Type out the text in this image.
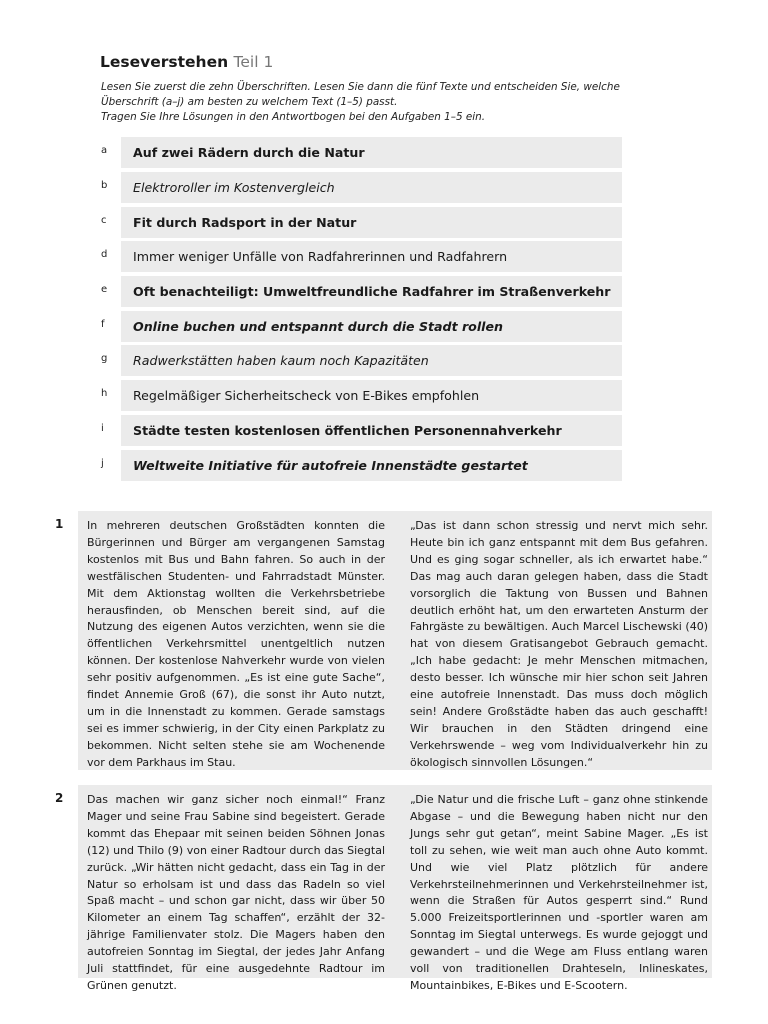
Leseverstehen Teil 1
Lesen Sie zuerst die zehn Überschriften. Lesen Sie dann die fünf Texte und entscheiden Sie, welche
Überschrift (a–j) am besten zu welchem Text (1–5) passt.
Tragen Sie Ihre Lösungen in den Antwortbogen bei den Aufgaben 1–5 ein.
a	Auf zwei Rädern durch die Natur
b	Elektroroller im Kostenvergleich
c	Fit durch Radsport in der Natur
d	Immer weniger Unfälle von Radfahrerinnen und Radfahrern
e	Oft benachteiligt: Umweltfreundliche Radfahrer im Straßenverkehr
f	Online buchen und entspannt durch die Stadt rollen
g	Radwerkstätten haben kaum noch Kapazitäten
h	Regelmäßiger Sicherheitscheck von E-Bikes empfohlen
i	Städte testen kostenlosen öffentlichen Personennahverkehr
j	Weltweite Initiative für autofreie Innenstädte gestartet
1 In mehreren deutschen Großstädten konnten die Bürgerinnen und Bürger am vergangenen Samstag kostenlos mit Bus und Bahn fahren. So auch in der westfälischen Studenten- und Fahrradstadt Münster. Mit dem Aktionstag wollten die Verkehrsbetriebe herausfinden, ob Menschen bereit sind, auf die Nutzung des eigenen Autos verzichten, wenn sie die öffentlichen Verkehrsmittel unentgeltlich nutzen können. Der kostenlose Nahverkehr wurde von vielen sehr positiv aufgenommen. „Es ist eine gute Sache“, findet Annemie Groß (67), die sonst ihr Auto nutzt, um in die Innenstadt zu kommen. Gerade samstags sei es immer schwierig, in der City einen Parkplatz zu bekommen. Nicht selten stehe sie am Wochenende vor dem Parkhaus im Stau.
„Das ist dann schon stressig und nervt mich sehr. Heute bin ich ganz entspannt mit dem Bus gefahren. Und es ging sogar schneller, als ich erwartet habe.“ Das mag auch daran gelegen haben, dass die Stadt vorsorglich die Taktung von Bussen und Bahnen deutlich erhöht hat, um den erwarteten Ansturm der Fahrgäste zu bewältigen. Auch Marcel Lischewski (40) hat von diesem Gratisangebot Gebrauch gemacht. „Ich habe gedacht: Je mehr Menschen mitmachen, desto besser. Ich wünsche mir hier schon seit Jahren eine autofreie Innenstadt. Das muss doch möglich sein! Andere Großstädte haben das auch geschafft! Wir brauchen in den Städten dringend eine Verkehrswende – weg vom Individualverkehr hin zu ökologisch sinnvollen Lösungen.“
2 Das machen wir ganz sicher noch einmal!“ Franz Mager und seine Frau Sabine sind begeistert. Gerade kommt das Ehepaar mit seinen beiden Söhnen Jonas (12) und Thilo (9) von einer Radtour durch das Siegtal zurück. „Wir hätten nicht gedacht, dass ein Tag in der Natur so erholsam ist und dass das Radeln so viel Spaß macht – und schon gar nicht, dass wir über 50 Kilometer an einem Tag schaffen“, erzählt der 32-jährige Familienvater stolz. Die Magers haben den autofreien Sonntag im Siegtal, der jedes Jahr Anfang Juli stattfindet, für eine ausgedehnte Radtour im Grünen genutzt.
„Die Natur und die frische Luft – ganz ohne stinkende Abgase – und die Bewegung haben nicht nur den Jungs sehr gut getan“, meint Sabine Mager. „Es ist toll zu sehen, wie weit man auch ohne Auto kommt. Und wie viel Platz plötzlich für andere Verkehrsteilnehmerinnen und Verkehrsteilnehmer ist, wenn die Straßen für Autos gesperrt sind.“ Rund 5.000 Freizeitsportlerinnen und -sportler waren am Sonntag im Siegtal unterwegs. Es wurde gejoggt und gewandert – und die Wege am Fluss entlang waren voll von traditionellen Drahteseln, Inlineskates, Mountainbikes, E-Bikes und E-Scootern.
